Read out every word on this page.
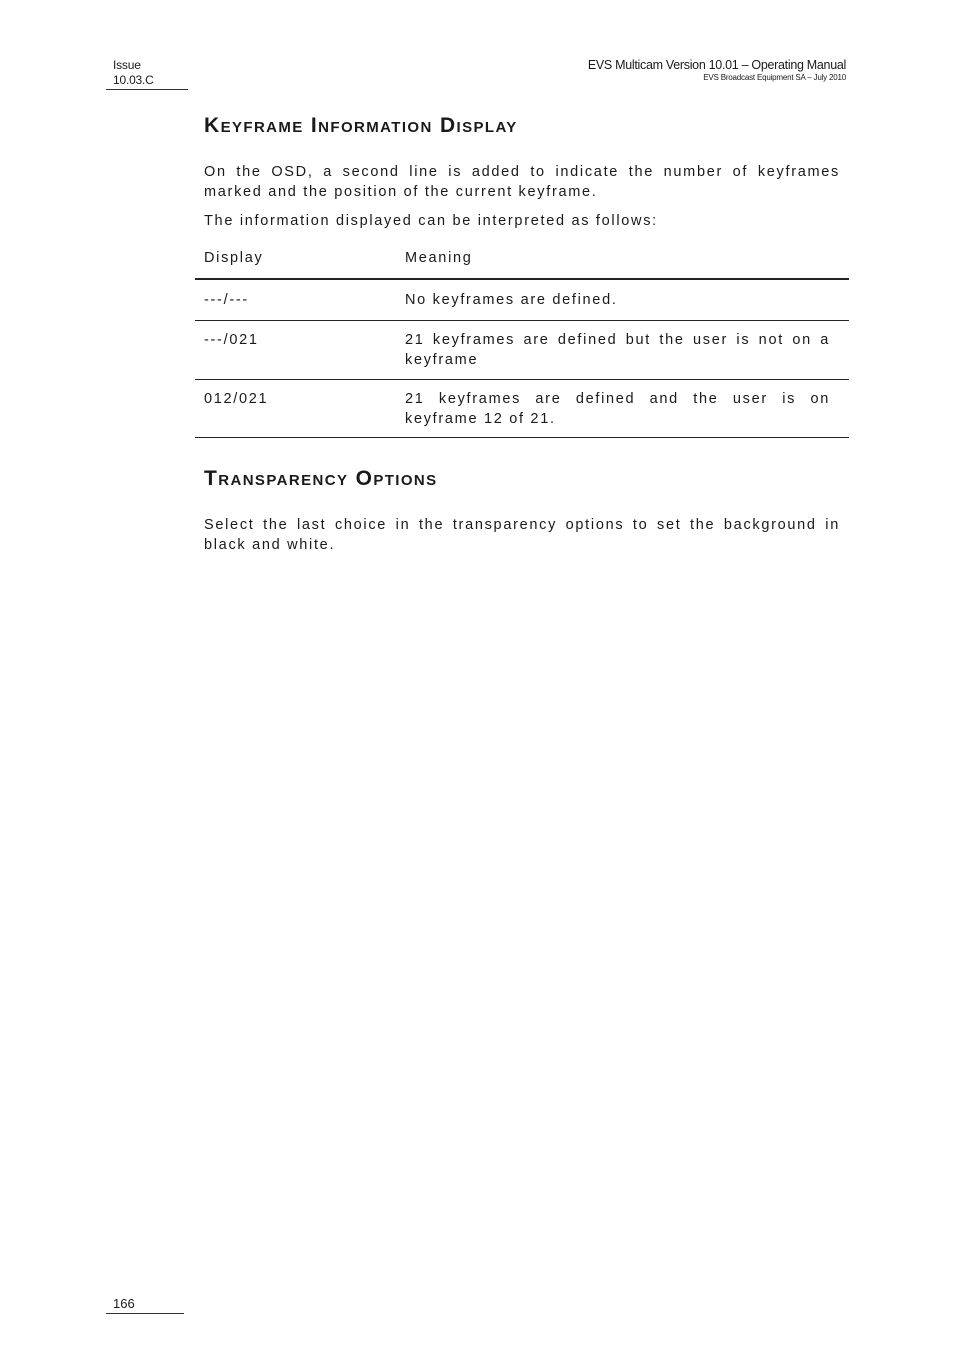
Issue
10.03.C
EVS Multicam Version 10.01 – Operating Manual
EVS Broadcast Equipment SA – July 2010
Keyframe Information Display

On the OSD, a second line is added to indicate the number of keyframes marked and the position of the current keyframe.

The information displayed can be interpreted as follows:

Display	Meaning
---/---	No keyframes are defined.
---/021	21 keyframes are defined but the user is not on a keyframe
012/021	21 keyframes are defined and the user is on keyframe 12 of 21.
Transparency Options

Select the last choice in the transparency options to set the background in black and white.

166
